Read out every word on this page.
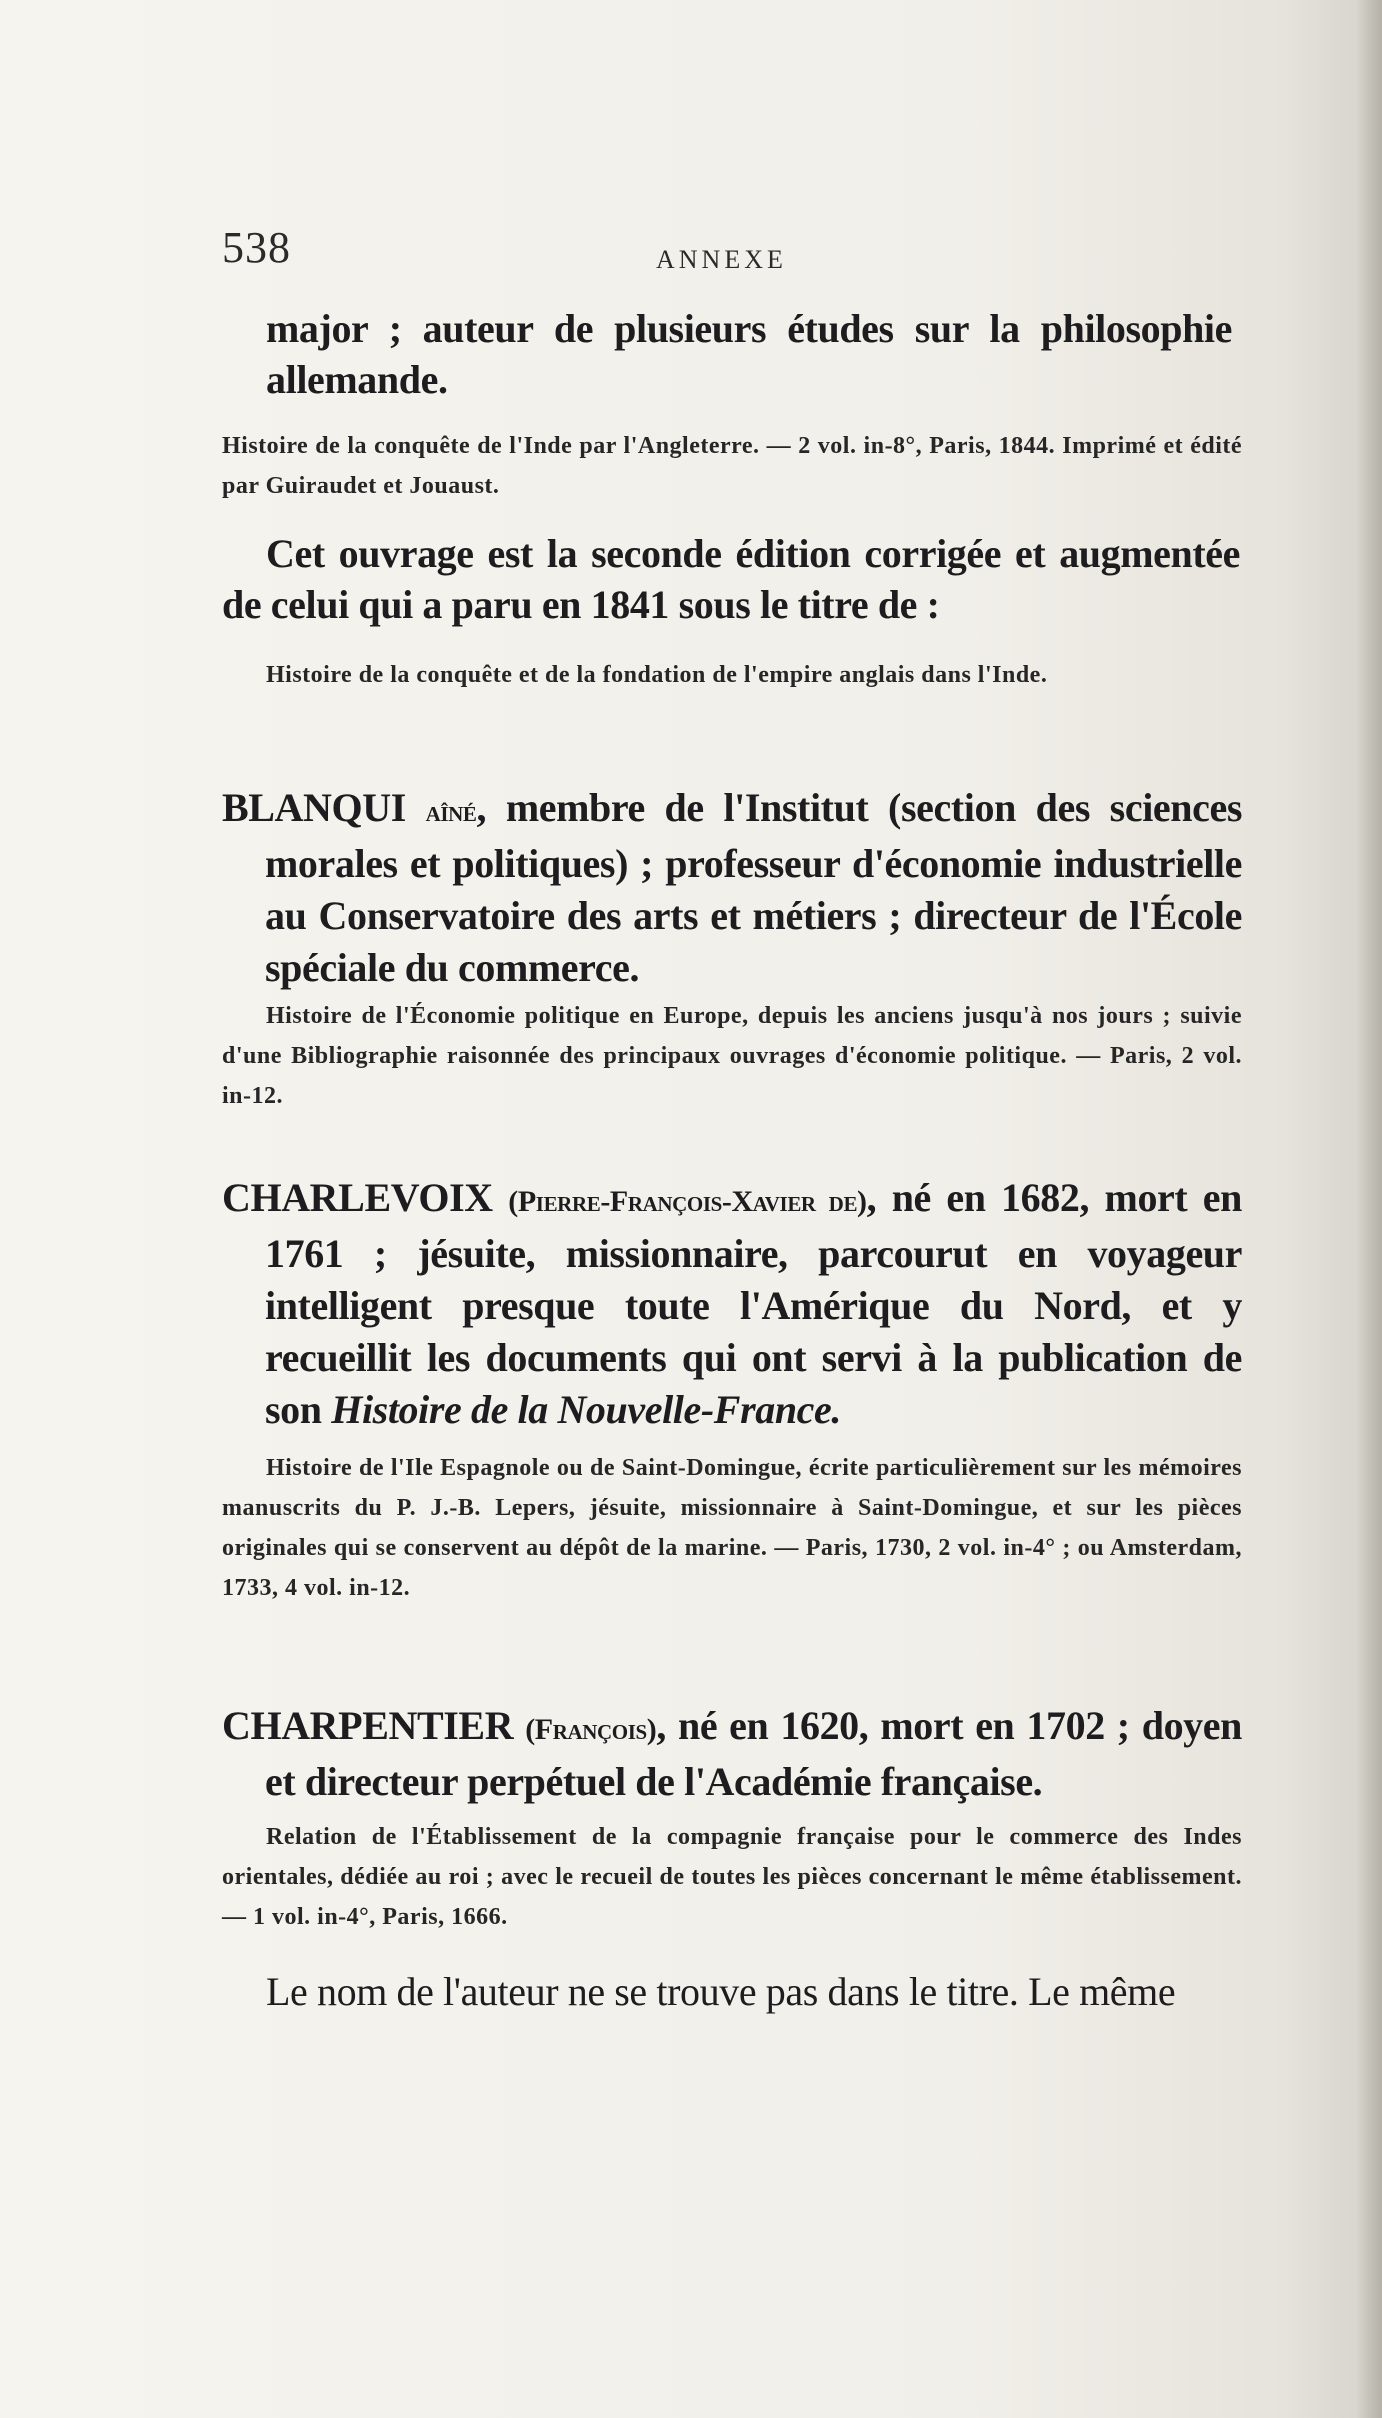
538	ANNEXE
major ; auteur de plusieurs études sur la philosophie allemande.
Histoire de la conquête de l'Inde par l'Angleterre. — 2 vol. in-8°, Paris, 1844. Imprimé et édité par Guiraudet et Jouaust.
Cet ouvrage est la seconde édition corrigée et augmentée de celui qui a paru en 1841 sous le titre de :
Histoire de la conquête et de la fondation de l'empire anglais dans l'Inde.
BLANQUI aîné, membre de l'Institut (section des sciences morales et politiques) ; professeur d'économie industrielle au Conservatoire des arts et métiers ; directeur de l'École spéciale du commerce.
Histoire de l'Économie politique en Europe, depuis les anciens jusqu'à nos jours ; suivie d'une Bibliographie raisonnée des principaux ouvrages d'économie politique. — Paris, 2 vol. in-12.
CHARLEVOIX (Pierre-François-Xavier de), né en 1682, mort en 1761 ; jésuite, missionnaire, parcourut en voyageur intelligent presque toute l'Amérique du Nord, et y recueillit les documents qui ont servi à la publication de son Histoire de la Nouvelle-France.
Histoire de l'Ile Espagnole ou de Saint-Domingue, écrite particulièrement sur les mémoires manuscrits du P. J.-B. Lepers, jésuite, missionnaire à Saint-Domingue, et sur les pièces originales qui se conservent au dépôt de la marine. — Paris, 1730, 2 vol. in-4° ; ou Amsterdam, 1733, 4 vol. in-12.
CHARPENTIER (François), né en 1620, mort en 1702 ; doyen et directeur perpétuel de l'Académie française.
Relation de l'Établissement de la compagnie française pour le commerce des Indes orientales, dédiée au roi ; avec le recueil de toutes les pièces concernant le même établissement. — 1 vol. in-4°, Paris, 1666.
Le nom de l'auteur ne se trouve pas dans le titre. Le même
